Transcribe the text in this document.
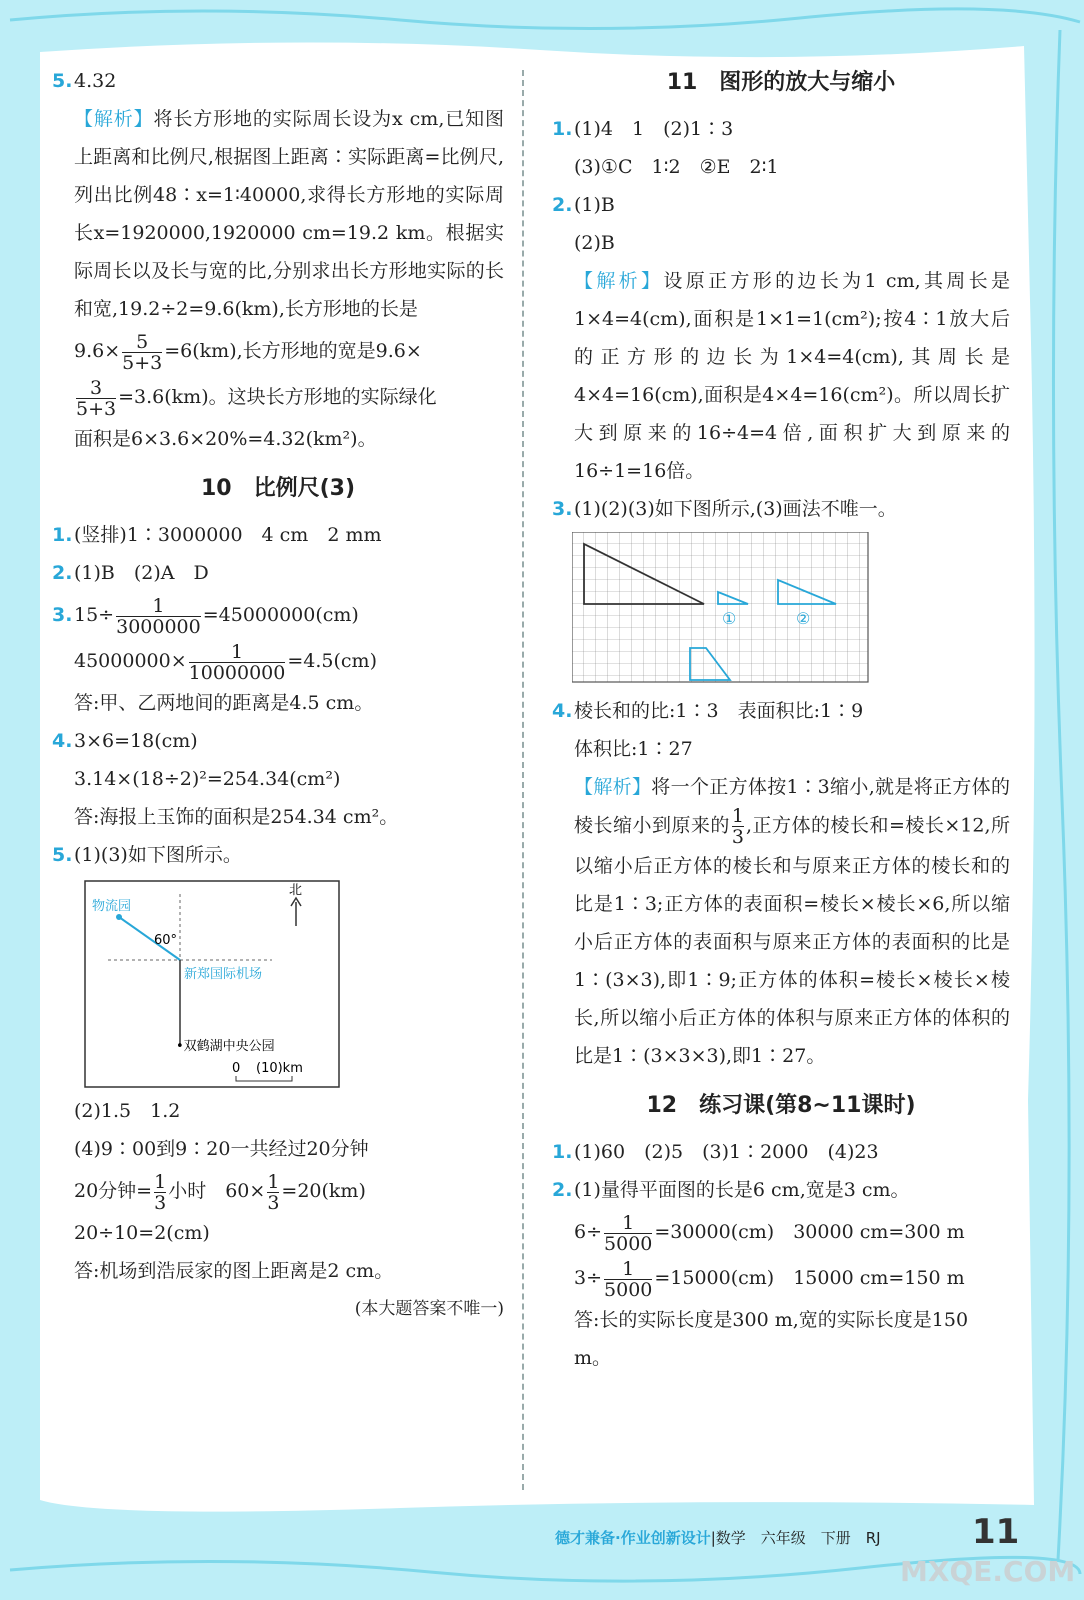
5.4.32
【解析】将长方形地的实际周长设为x cm,已知图上距离和比例尺,根据图上距离∶实际距离=比例尺,列出比例48∶x=1∶40000,求得长方形地的实际周长x=1920000,1920000 cm=19.2 km。根据实际周长以及长与宽的比,分别求出长方形地实际的长和宽,19.2÷2=9.6(km),长方形地的长是
$9.6\times \frac{5}{5+3} =6(km)$,长方形地的宽是9.6×
$\frac{3}{5+3} =3.6(km)$。这块长方形地的实际绿化
面积是6×3.6×20%=4.32(km²)。
10　比例尺(3)
1.(竖排)1∶3000000　4 cm　2 mm
2.(1)B　(2)A　D
$3.15\div \frac{1}{3000000} =45000000(cm)$
$45000000\times \frac{1}{10000000} =4.5(cm)$
答:甲、乙两地间的距离是4.5 cm。
4.3×6=18(cm)
3.14×(18÷2)²=254.34(cm²)
答:海报上玉饰的面积是254.34 cm²。
5.(1)(3)如下图所示。
北
物流园
60°
新郑国际机场
•双鹤湖中央公园
0 (10)km
(2)1.5　1.2
(4)9∶00到9∶20一共经过20分钟
20分钟= $\frac{1}{3}$ 小时　$60\times \frac{1}{3} =20(km)$
20÷10=2(cm)
答:机场到浩辰家的图上距离是2 cm。
(本大题答案不唯一)
11　图形的放大与缩小
1.(1)4　1　(2)1∶3
(3)①C　1∶2　②E　2∶1
2.(1)B
(2)B
【解析】设原正方形的边长为1 cm,其周长是1×4=4(cm),面积是1×1=1(cm²);按4∶1放大后的正方形的边长为1×4=4(cm),其周长是4×4=16(cm),面积是4×4=16(cm²)。所以周长扩大到原来的16÷4=4倍,面积扩大到原来的16÷1=16倍。
3.(1)(2)(3)如下图所示,(3)画法不唯一。
①	②
4.棱长和的比:1∶3　表面积比:1∶9
体积比:1∶27
【解析】将一个正方体按1∶3缩小,就是将正方体的棱长缩小到原来的 $\frac{1}{3}$ ,正方体的棱长和=棱长×12,所以缩小后正方体的棱长和与原来正方体的棱长和的比是1∶3;正方体的表面积=棱长×棱长×6,所以缩小后正方体的表面积与原来正方体的表面积的比是1∶(3×3),即1∶9;正方体的体积=棱长×棱长×棱长,所以缩小后正方体的体积与原来正方体的体积的比是1∶(3×3×3),即1∶27。
12　练习课(第8~11课时)
1.(1)60　(2)5　(3)1∶2000　(4)23
2.(1)量得平面图的长是6 cm,宽是3 cm。
$6\div \frac{1}{5000} =30000(cm)$　30000 cm=300 m
$3\div \frac{1}{5000} =15000(cm)$　15000 cm=150 m
答:长的实际长度是300 m,宽的实际长度是150 m。
德才兼备·作业创新设计|数学　六年级　下册　RJ	11
MXQE.COM
